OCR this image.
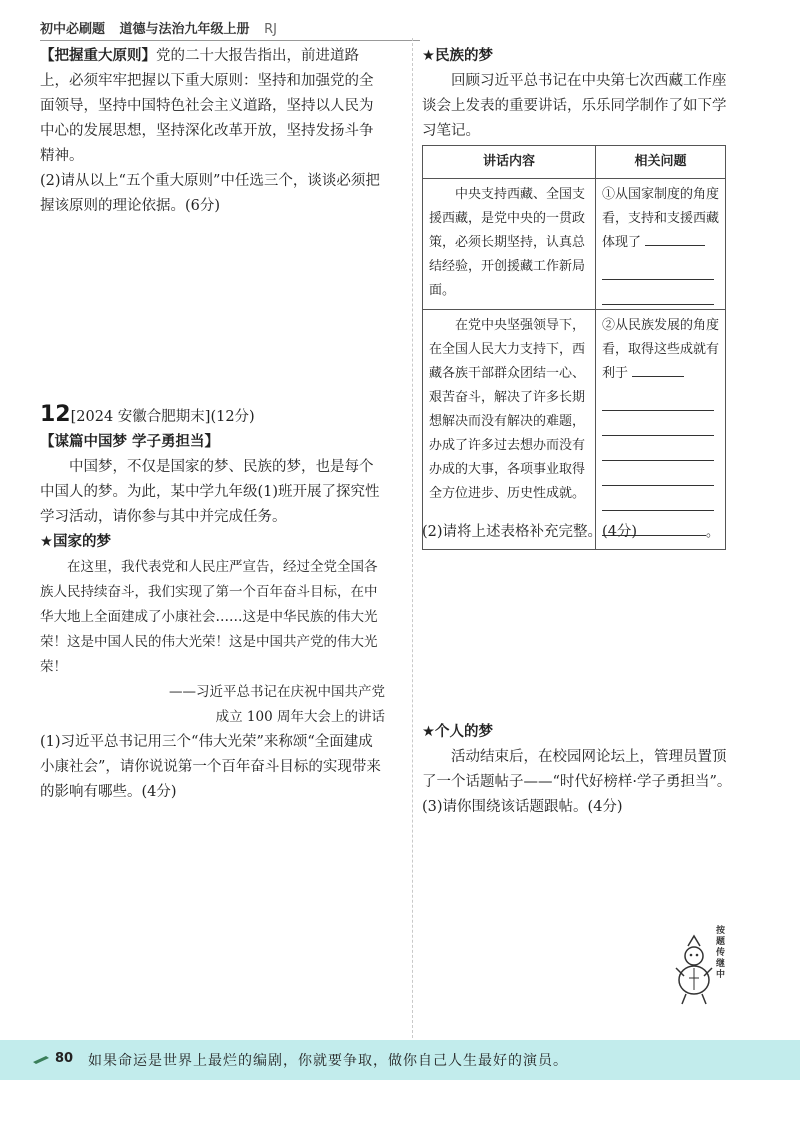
初中必刷题 道德与法治九年级上册 RJ

【把握重大原则】党的二十大报告指出，前进道路上，必须牢牢把握以下重大原则：坚持和加强党的全面领导，坚持中国特色社会主义道路，坚持以人民为中心的发展思想，坚持深化改革开放，坚持发扬斗争精神。

(2)请从以上“五个重大原则”中任选三个，谈谈必须把握该原则的理论依据。(6分)

12[2024 安徽合肥期末](12分)

【谋篇中国梦 学子勇担当】

中国梦，不仅是国家的梦、民族的梦，也是每个中国人的梦。为此，某中学九年级(1)班开展了探究性学习活动，请你参与其中并完成任务。

★国家的梦

在这里，我代表党和人民庄严宣告，经过全党全国各族人民持续奋斗，我们实现了第一个百年奋斗目标，在中华大地上全面建成了小康社会……这是中华民族的伟大光荣！这是中国人民的伟大光荣！这是中国共产党的伟大光荣！

——习近平总书记在庆祝中国共产党

成立 100 周年大会上的讲话

(1)习近平总书记用三个“伟大光荣”来称颂“全面建成小康社会”，请你说说第一个百年奋斗目标的实现带来的影响有哪些。(4分)

★民族的梦

回顾习近平总书记在中央第七次西藏工作座谈会上发表的重要讲话，乐乐同学制作了如下学习笔记。

讲话内容	相关问题
中央支持西藏、全国支援西藏，是党中央的一贯政策，必须长期坚持，认真总结经验，开创援藏工作新局面。	①从国家制度的角度看，支持和支援西藏体现了

在党中央坚强领导下，在全国人民大力支持下，西藏各族干部群众团结一心、艰苦奋斗，解决了许多长期想解决而没有解决的难题，办成了许多过去想办而没有办成的大事，各项事业取得全方位进步、历史性成就。	②从民族发展的角度看，取得这些成就有利于
。

(2)请将上述表格补充完整。(4分)

★个人的梦

活动结束后，在校园网论坛上，管理员置顶了一个话题帖子——“时代好榜样·学子勇担当”。

(3)请你围绕该话题跟帖。(4分)

按题传继中
80 如果命运是世界上最烂的编剧，你就要争取，做你自己人生最好的演员。
